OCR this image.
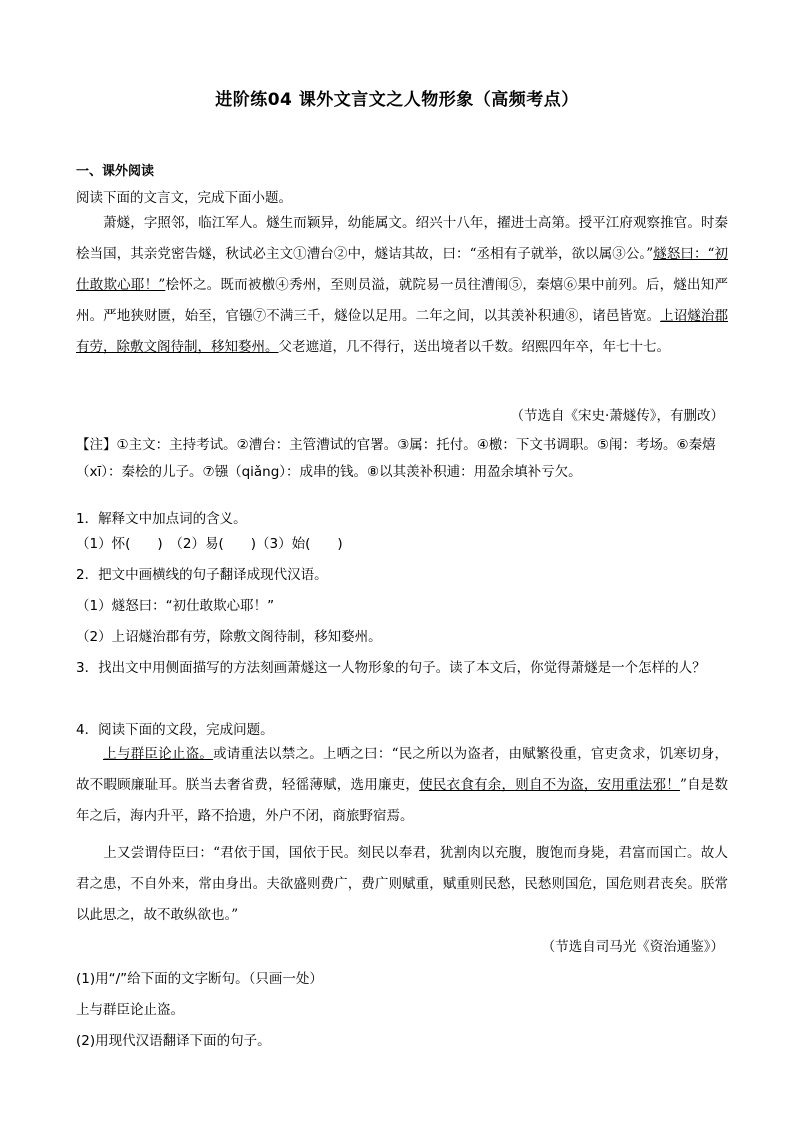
进阶练04 课外文言文之人物形象（高频考点）
一、课外阅读
阅读下面的文言文，完成下面小题。
萧燧，字照邻，临江军人。燧生而颖异，幼能属文。绍兴十八年，擢进士高第。授平江府观察推官。时秦桧当国，其亲党密告燧，秋试必主文①漕台②中，燧诘其故，曰：“丞相有子就举，欲以属③公。”燧怒曰：“初仕敢欺心耶！”桧怀之。既而被檄④秀州，至则员溢，就院易一员往漕闱⑤，秦熺⑥果中前列。后，燧出知严州。严地狭财匮，始至，官镪⑦不满三千，燧俭以足用。二年之间，以其羡补积逋⑧，诸邑皆宽。上诏燧治郡有劳，除敷文阁待制，移知婺州。父老遮道，几不得行，送出境者以千数。绍熙四年卒，年七十七。
（节选自《宋史·萧燧传》，有删改）
【注】①主文：主持考试。②漕台：主管漕试的官署。③属：托付。④檄：下文书调职。⑤闱：考场。⑥秦熺（xī）：秦桧的儿子。⑦镪（qiǎng）：成串的钱。⑧以其羡补积逋：用盈余填补亏欠。
1．解释文中加点词的含义。
（1）怀(　　)　（2）易(　　)（3）始(　　)
2．把文中画横线的句子翻译成现代汉语。
（1）燧怒曰：“初仕敢欺心耶！”
（2）上诏燧治郡有劳，除敷文阁待制，移知婺州。
3．找出文中用侧面描写的方法刻画萧燧这一人物形象的句子。读了本文后，你觉得萧燧是一个怎样的人？
4．阅读下面的文段，完成问题。
上与群臣论止盗。或请重法以禁之。上哂之曰：“民之所以为盗者，由赋繁役重，官吏贪求，饥寒切身，故不暇顾廉耻耳。朕当去奢省费，轻徭薄赋，选用廉吏，使民衣食有余，则自不为盗，安用重法邪！”自是数年之后，海内升平，路不拾遗，外户不闭，商旅野宿焉。
上又尝谓侍臣曰：“君依于国，国依于民。刻民以奉君，犹割肉以充腹，腹饱而身毙，君富而国亡。故人君之患，不自外来，常由身出。夫欲盛则费广，费广则赋重，赋重则民愁，民愁则国危，国危则君丧矣。朕常以此思之，故不敢纵欲也。”
（节选自司马光《资治通鉴》）
(1)用“/”给下面的文字断句。（只画一处）
上与群臣论止盗。
(2)用现代汉语翻译下面的句子。
